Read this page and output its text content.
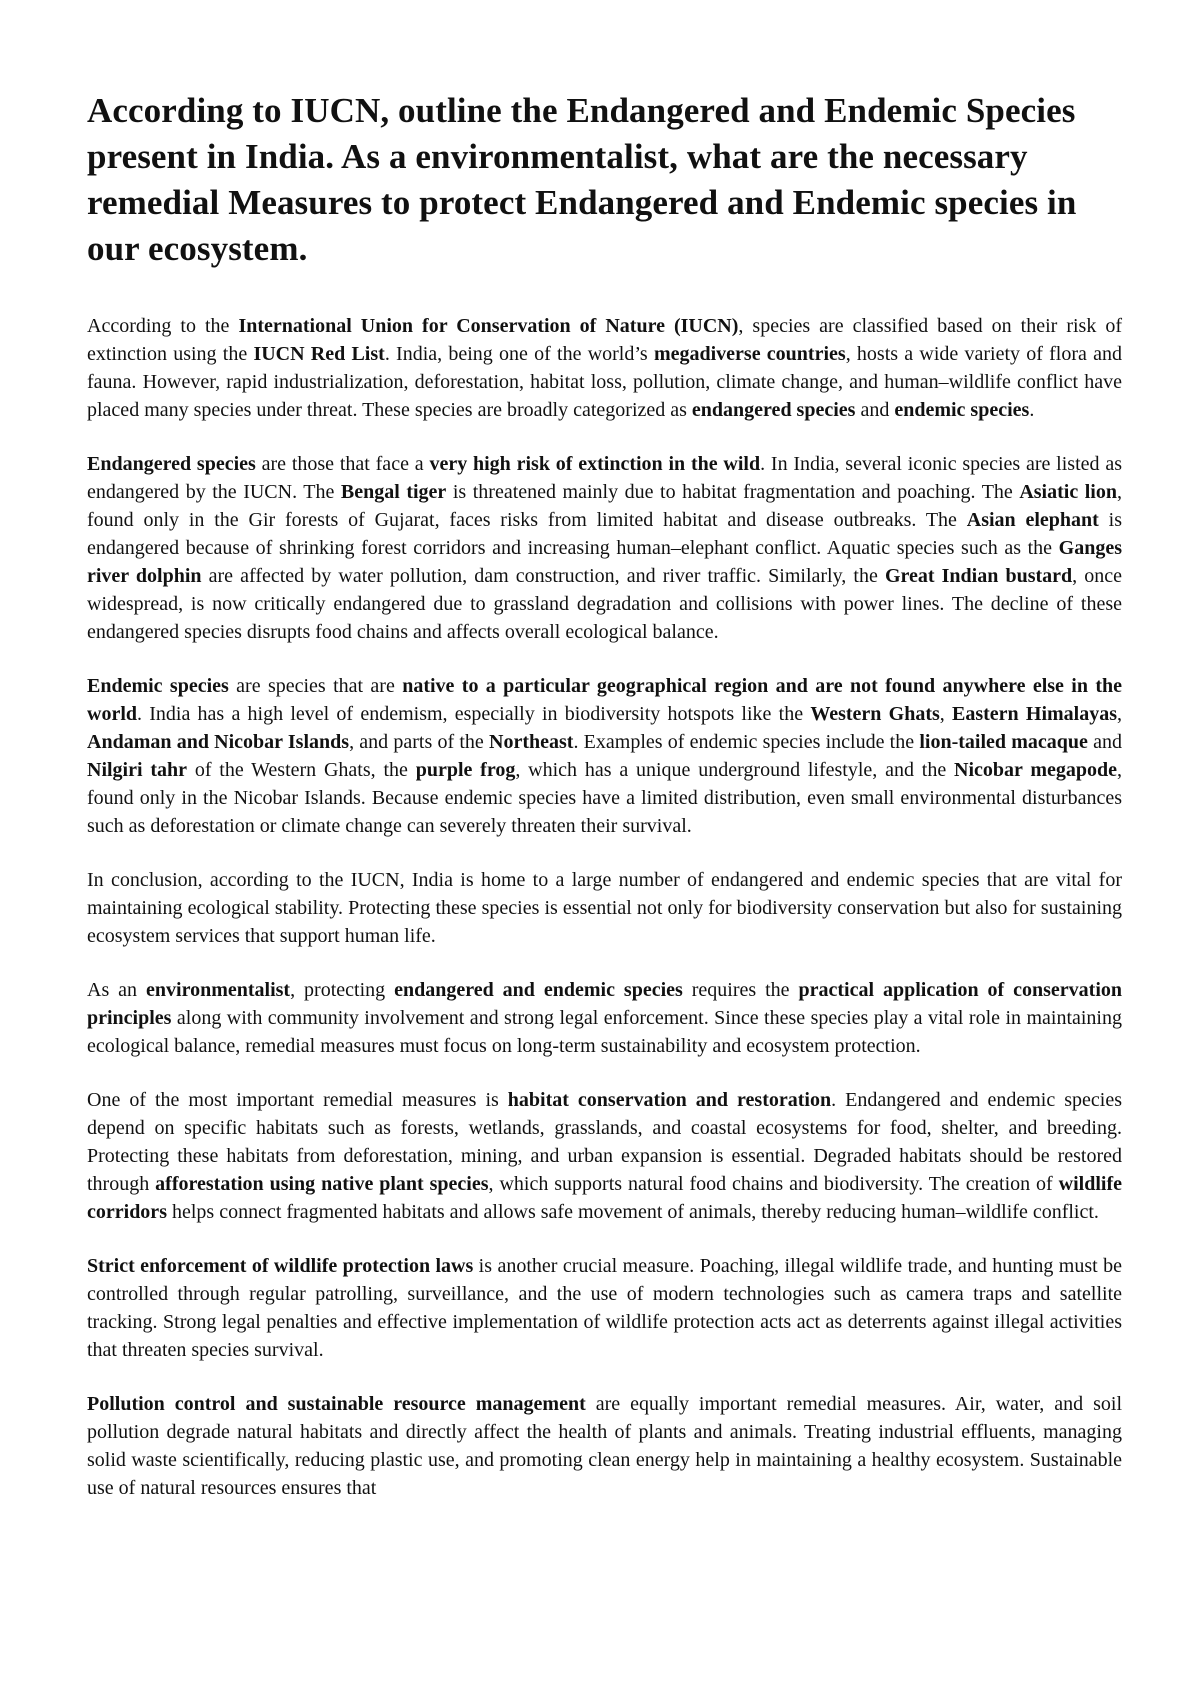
According to IUCN, outline the Endangered and Endemic Species present in India. As a environmentalist, what are the necessary remedial Measures to protect Endangered and Endemic species in our ecosystem.

According to the International Union for Conservation of Nature (IUCN), species are classified based on their risk of extinction using the IUCN Red List. India, being one of the world’s megadiverse countries, hosts a wide variety of flora and fauna. However, rapid industrialization, deforestation, habitat loss, pollution, climate change, and human–wildlife conflict have placed many species under threat. These species are broadly categorized as endangered species and endemic species.

Endangered species are those that face a very high risk of extinction in the wild. In India, several iconic species are listed as endangered by the IUCN. The Bengal tiger is threatened mainly due to habitat fragmentation and poaching. The Asiatic lion, found only in the Gir forests of Gujarat, faces risks from limited habitat and disease outbreaks. The Asian elephant is endangered because of shrinking forest corridors and increasing human–elephant conflict. Aquatic species such as the Ganges river dolphin are affected by water pollution, dam construction, and river traffic. Similarly, the Great Indian bustard, once widespread, is now critically endangered due to grassland degradation and collisions with power lines. The decline of these endangered species disrupts food chains and affects overall ecological balance.

Endemic species are species that are native to a particular geographical region and are not found anywhere else in the world. India has a high level of endemism, especially in biodiversity hotspots like the Western Ghats, Eastern Himalayas, Andaman and Nicobar Islands, and parts of the Northeast. Examples of endemic species include the lion-tailed macaque and Nilgiri tahr of the Western Ghats, the purple frog, which has a unique underground lifestyle, and the Nicobar megapode, found only in the Nicobar Islands. Because endemic species have a limited distribution, even small environmental disturbances such as deforestation or climate change can severely threaten their survival.

In conclusion, according to the IUCN, India is home to a large number of endangered and endemic species that are vital for maintaining ecological stability. Protecting these species is essential not only for biodiversity conservation but also for sustaining ecosystem services that support human life.

As an environmentalist, protecting endangered and endemic species requires the practical application of conservation principles along with community involvement and strong legal enforcement. Since these species play a vital role in maintaining ecological balance, remedial measures must focus on long-term sustainability and ecosystem protection.

One of the most important remedial measures is habitat conservation and restoration. Endangered and endemic species depend on specific habitats such as forests, wetlands, grasslands, and coastal ecosystems for food, shelter, and breeding. Protecting these habitats from deforestation, mining, and urban expansion is essential. Degraded habitats should be restored through afforestation using native plant species, which supports natural food chains and biodiversity. The creation of wildlife corridors helps connect fragmented habitats and allows safe movement of animals, thereby reducing human–wildlife conflict.

Strict enforcement of wildlife protection laws is another crucial measure. Poaching, illegal wildlife trade, and hunting must be controlled through regular patrolling, surveillance, and the use of modern technologies such as camera traps and satellite tracking. Strong legal penalties and effective implementation of wildlife protection acts act as deterrents against illegal activities that threaten species survival.

Pollution control and sustainable resource management are equally important remedial measures. Air, water, and soil pollution degrade natural habitats and directly affect the health of plants and animals. Treating industrial effluents, managing solid waste scientifically, reducing plastic use, and promoting clean energy help in maintaining a healthy ecosystem. Sustainable use of natural resources ensures that
